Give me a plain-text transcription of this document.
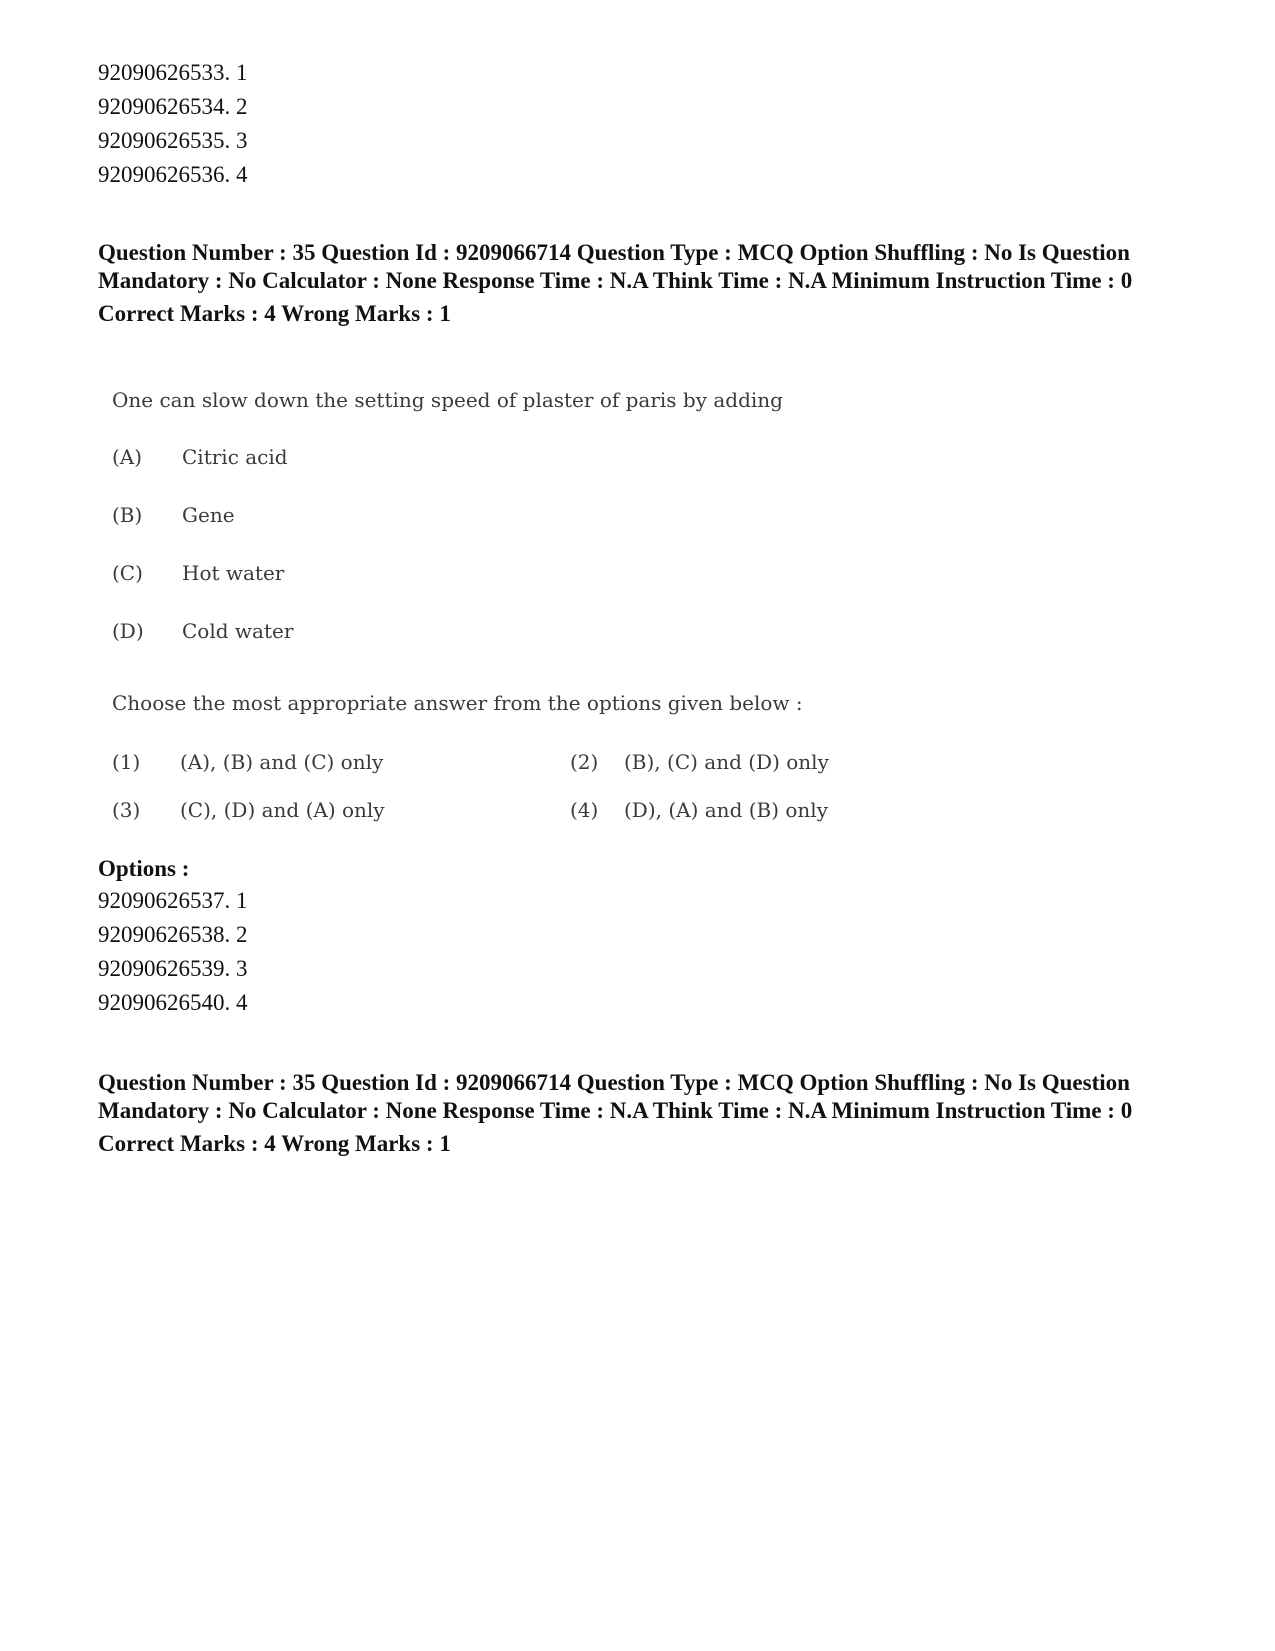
92090626533. 1
92090626534. 2
92090626535. 3
92090626536. 4
Question Number : 35 Question Id : 9209066714 Question Type : MCQ Option Shuffling : No Is Question Mandatory : No Calculator : None Response Time : N.A Think Time : N.A Minimum Instruction Time : 0
Correct Marks : 4 Wrong Marks : 1
One can slow down the setting speed of plaster of paris by adding
(A) Citric acid
(B) Gene
(C) Hot water
(D) Cold water
Choose the most appropriate answer from the options given below :
(1) (A), (B) and (C) only	(2) (B), (C) and (D) only
(3) (C), (D) and (A) only	(4) (D), (A) and (B) only
Options :
92090626537. 1
92090626538. 2
92090626539. 3
92090626540. 4
Question Number : 35 Question Id : 9209066714 Question Type : MCQ Option Shuffling : No Is Question Mandatory : No Calculator : None Response Time : N.A Think Time : N.A Minimum Instruction Time : 0
Correct Marks : 4 Wrong Marks : 1
